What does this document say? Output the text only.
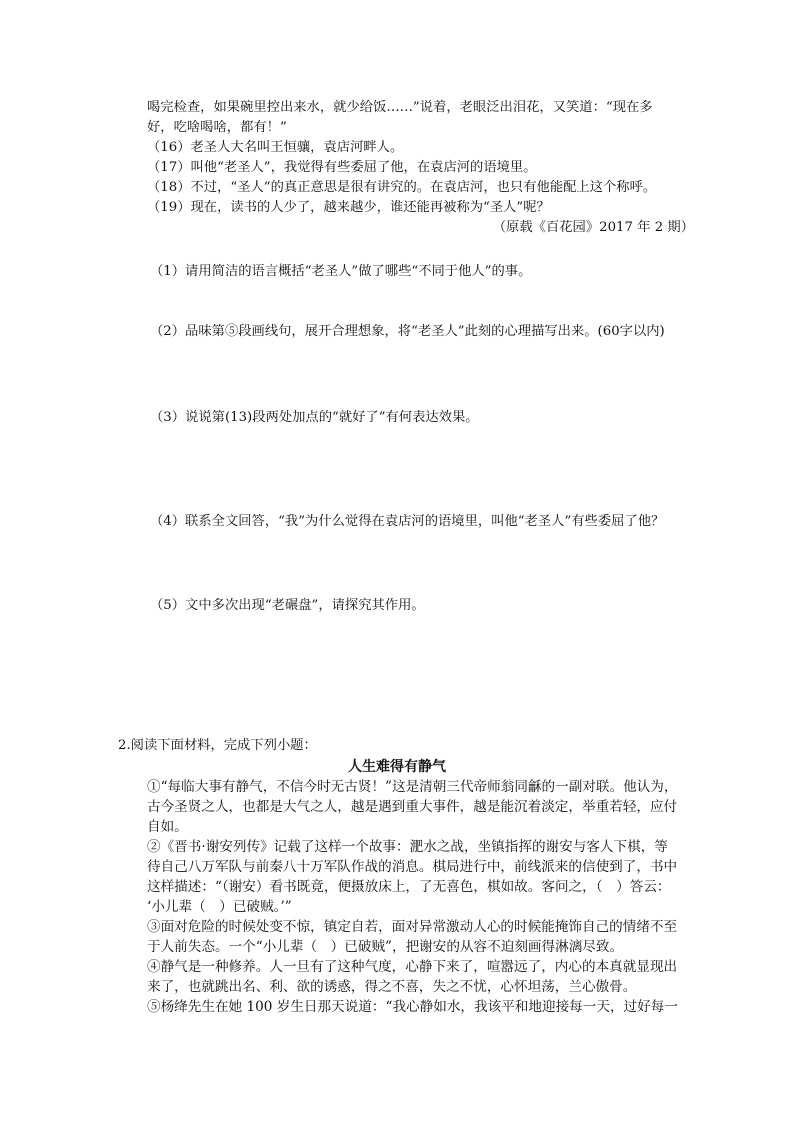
喝完检查，如果碗里控出来水，就少给饭……”说着，老眼泛出泪花，又笑道：“现在多
好，吃啥喝啥，都有！”
（16）老圣人大名叫王恒骧，袁店河畔人。
（17）叫他“老圣人”，我觉得有些委屈了他，在袁店河的语境里。
（18）不过，“圣人”的真正意思是很有讲究的。在袁店河，也只有他能配上这个称呼。
（19）现在，读书的人少了，越来越少，谁还能再被称为“圣人”呢？
（原载《百花园》2017 年 2 期）
（1）请用简洁的语言概括“老圣人”做了哪些“不同于他人”的事。
（2）品味第⑤段画线句，展开合理想象，将“老圣人”此刻的心理描写出来。(60字以内)
（3）说说第(13)段两处加点的“就好了”有何表达效果。
（4）联系全文回答，“我”为什么觉得在袁店河的语境里，叫他“老圣人”有些委屈了他？
（5）文中多次出现“老碾盘”，请探究其作用。
2.阅读下面材料，完成下列小题：
人生难得有静气
①“每临大事有静气，不信今时无古贤！”这是清朝三代帝师翁同龢的一副对联。他认为，
古今圣贤之人，也都是大气之人，越是遇到重大事件，越是能沉着淡定，举重若轻，应付
自如。
②《晋书·谢安列传》记载了这样一个故事：淝水之战，坐镇指挥的谢安与客人下棋，等
待自己八万军队与前秦八十万军队作战的消息。棋局进行中，前线派来的信使到了，书中
这样描述：“（谢安）看书既竟，便摄放床上，了无喜色，棋如故。客问之，（　）答云：
‘小儿辈（　）已破贼。’”
③面对危险的时候处变不惊，镇定自若，面对异常激动人心的时候能掩饰自己的情绪不至
于人前失态。一个“小儿辈（　）已破贼”，把谢安的从容不迫刻画得淋漓尽致。
④静气是一种修养。人一旦有了这种气度，心静下来了，喧嚣远了，内心的本真就显现出
来了，也就跳出名、利、欲的诱惑，得之不喜，失之不忧，心怀坦荡，兰心傲骨。
⑤杨绛先生在她 100 岁生日那天说道：“我心静如水，我该平和地迎接每一天，过好每一
